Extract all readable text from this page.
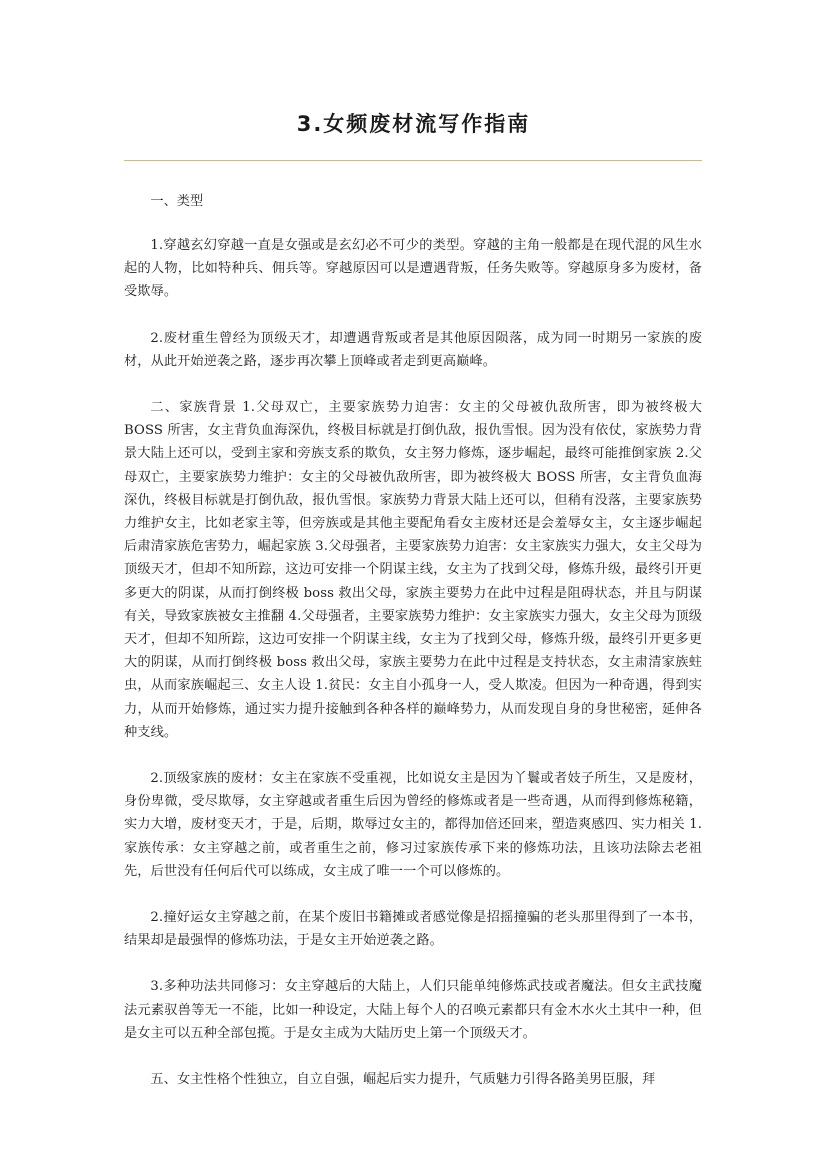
3.女频废材流写作指南

一、类型

1.穿越玄幻穿越一直是女强或是玄幻必不可少的类型。穿越的主角一般都是在现代混的风生水起的人物，比如特种兵、佣兵等。穿越原因可以是遭遇背叛，任务失败等。穿越原身多为废材，备受欺辱。

2.废材重生曾经为顶级天才，却遭遇背叛或者是其他原因陨落，成为同一时期另一家族的废材，从此开始逆袭之路，逐步再次攀上顶峰或者走到更高巅峰。

二、家族背景 1.父母双亡，主要家族势力迫害：女主的父母被仇敌所害，即为被终极大 BOSS 所害，女主背负血海深仇，终极目标就是打倒仇敌，报仇雪恨。因为没有依仗，家族势力背景大陆上还可以，受到主家和旁族支系的欺负，女主努力修炼，逐步崛起，最终可能推倒家族 2.父母双亡，主要家族势力维护：女主的父母被仇敌所害，即为被终极大 BOSS 所害，女主背负血海深仇，终极目标就是打倒仇敌，报仇雪恨。家族势力背景大陆上还可以，但稍有没落，主要家族势力维护女主，比如老家主等，但旁族或是其他主要配角看女主废材还是会羞辱女主，女主逐步崛起后肃清家族危害势力，崛起家族 3.父母强者，主要家族势力迫害：女主家族实力强大，女主父母为顶级天才，但却不知所踪，这边可安排一个阴谋主线，女主为了找到父母，修炼升级，最终引开更多更大的阴谋，从而打倒终极 boss 救出父母，家族主要势力在此中过程是阻碍状态，并且与阴谋有关，导致家族被女主推翻 4.父母强者，主要家族势力维护：女主家族实力强大，女主父母为顶级天才，但却不知所踪，这边可安排一个阴谋主线，女主为了找到父母，修炼升级，最终引开更多更大的阴谋，从而打倒终极 boss 救出父母，家族主要势力在此中过程是支持状态，女主肃清家族蛀虫，从而家族崛起三、女主人设 1.贫民：女主自小孤身一人，受人欺凌。但因为一种奇遇，得到实力，从而开始修炼，通过实力提升接触到各种各样的巅峰势力，从而发现自身的身世秘密，延伸各种支线。

2.顶级家族的废材：女主在家族不受重视，比如说女主是因为丫鬟或者妓子所生，又是废材，身份卑微，受尽欺辱，女主穿越或者重生后因为曾经的修炼或者是一些奇遇，从而得到修炼秘籍，实力大增，废材变天才，于是，后期，欺辱过女主的，都得加倍还回来，塑造爽感四、实力相关 1.家族传承：女主穿越之前，或者重生之前，修习过家族传承下来的修炼功法，且该功法除去老祖先，后世没有任何后代可以练成，女主成了唯一一个可以修炼的。

2.撞好运女主穿越之前，在某个废旧书籍摊或者感觉像是招摇撞骗的老头那里得到了一本书，结果却是最强悍的修炼功法，于是女主开始逆袭之路。

3.多种功法共同修习：女主穿越后的大陆上，人们只能单纯修炼武技或者魔法。但女主武技魔法元素驭兽等无一不能，比如一种设定，大陆上每个人的召唤元素都只有金木水火土其中一种，但是女主可以五种全部包揽。于是女主成为大陆历史上第一个顶级天才。

五、女主性格个性独立，自立自强，崛起后实力提升，气质魅力引得各路美男臣服，拜
